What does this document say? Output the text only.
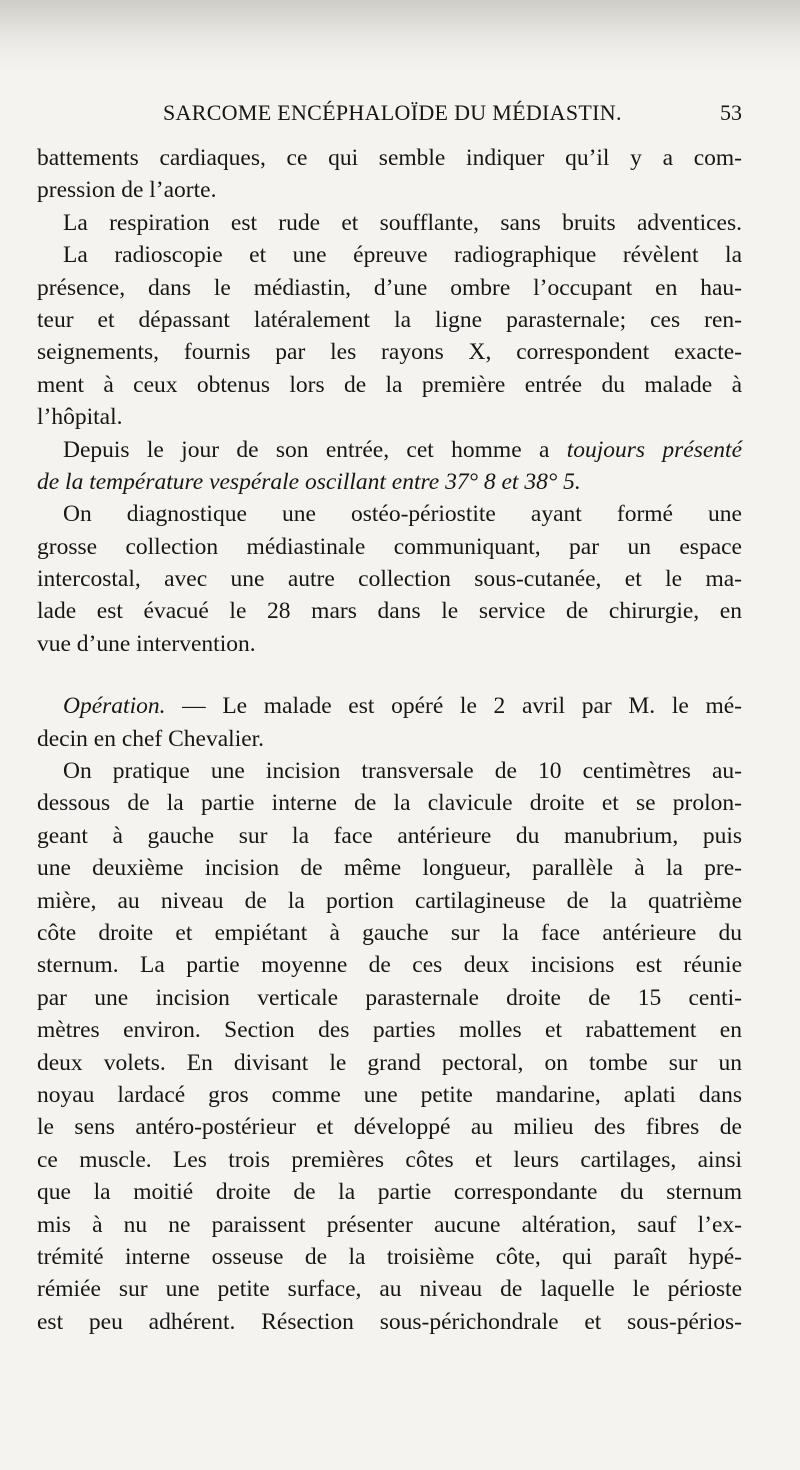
SARCOME ENCÉPHALOÏDE DU MÉDIASTIN.	53
battements cardiaques, ce qui semble indiquer qu’il y a com-
pression de l’aorte.
La respiration est rude et soufflante, sans bruits adventices.
La radioscopie et une épreuve radiographique révèlent la
présence, dans le médiastin, d’une ombre l’occupant en hau-
teur et dépassant latéralement la ligne parasternale; ces ren-
seignements, fournis par les rayons X, correspondent exacte-
ment à ceux obtenus lors de la première entrée du malade à
l’hôpital.
Depuis le jour de son entrée, cet homme a toujours présenté
de la température vespérale oscillant entre 37° 8 et 38° 5.
On diagnostique une ostéo-périostite ayant formé une
grosse collection médiastinale communiquant, par un espace
intercostal, avec une autre collection sous-cutanée, et le ma-
lade est évacué le 28 mars dans le service de chirurgie, en
vue d’une intervention.
Opération. — Le malade est opéré le 2 avril par M. le mé-
decin en chef Chevalier.
On pratique une incision transversale de 10 centimètres au-
dessous de la partie interne de la clavicule droite et se prolon-
geant à gauche sur la face antérieure du manubrium, puis
une deuxième incision de même longueur, parallèle à la pre-
mière, au niveau de la portion cartilagineuse de la quatrième
côte droite et empiétant à gauche sur la face antérieure du
sternum. La partie moyenne de ces deux incisions est réunie
par une incision verticale parasternale droite de 15 centi-
mètres environ. Section des parties molles et rabattement en
deux volets. En divisant le grand pectoral, on tombe sur un
noyau lardacé gros comme une petite mandarine, aplati dans
le sens antéro-postérieur et développé au milieu des fibres de
ce muscle. Les trois premières côtes et leurs cartilages, ainsi
que la moitié droite de la partie correspondante du sternum
mis à nu ne paraissent présenter aucune altération, sauf l’ex-
trémité interne osseuse de la troisième côte, qui paraît hypé-
rémiée sur une petite surface, au niveau de laquelle le périoste
est peu adhérent. Résection sous-périchondrale et sous-périos-
